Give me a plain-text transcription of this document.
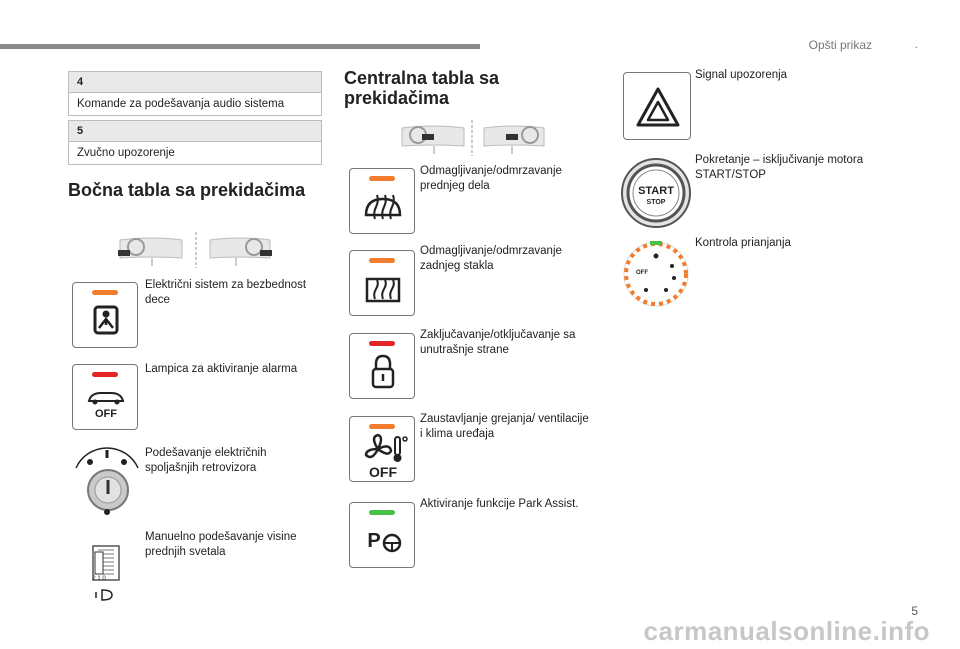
Opšti prikaz	.
4
Komande za podešavanja audio sistema
5
Zvučno upozorenje
Bočna tabla sa prekidačima
Električni sistem za bezbednost dece
OFF
Lampica za aktiviranje alarma
Podešavanje električnih spoljašnjih retrovizora
2 1 0
Manuelno podešavanje visine prednjih svetala
Centralna tabla sa prekidačima
Odmagljivanje/odmrzavanje prednjeg dela
Odmagljivanje/odmrzavanje zadnjeg stakla
Zaključavanje/otključavanje sa unutrašnje strane
OFF
Zaustavljanje grejanja/ ventilacije i klima uređaja
P
Aktiviranje funkcije Park Assist.
Signal upozorenja
START
STOP
Pokretanje – isključivanje motora START/STOP
OFF
Kontrola prianjanja
5
carmanualsonline.info
